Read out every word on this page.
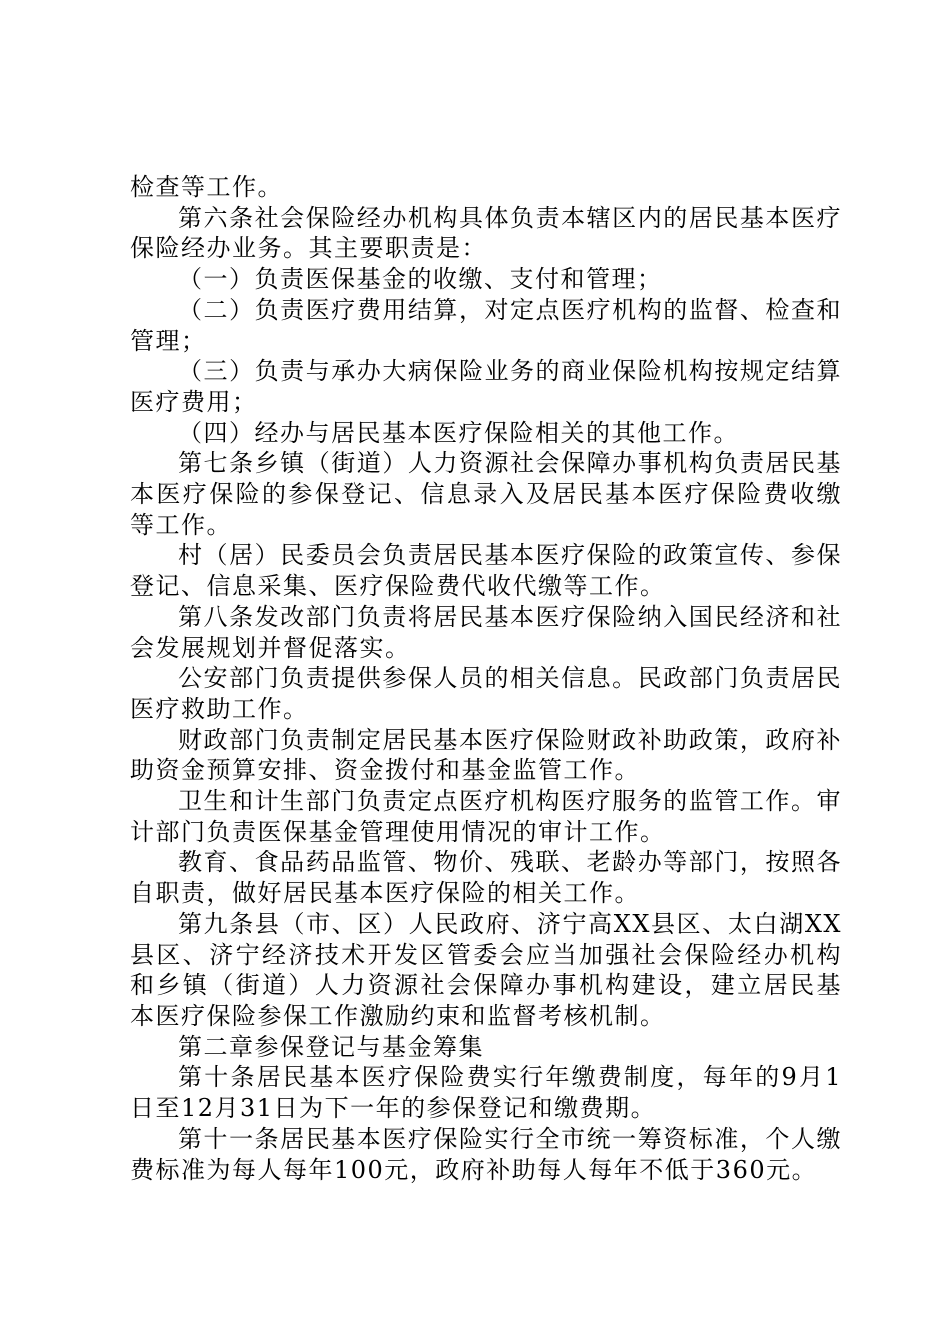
检查等工作。

第六条社会保险经办机构具体负责本辖区内的居民基本医疗保险经办业务。其主要职责是：

（一）负责医保基金的收缴、支付和管理；

（二）负责医疗费用结算，对定点医疗机构的监督、检查和管理；

（三）负责与承办大病保险业务的商业保险机构按规定结算医疗费用；

（四）经办与居民基本医疗保险相关的其他工作。

第七条乡镇（街道）人力资源社会保障办事机构负责居民基本医疗保险的参保登记、信息录入及居民基本医疗保险费收缴等工作。

村（居）民委员会负责居民基本医疗保险的政策宣传、参保登记、信息采集、医疗保险费代收代缴等工作。

第八条发改部门负责将居民基本医疗保险纳入国民经济和社会发展规划并督促落实。

公安部门负责提供参保人员的相关信息。民政部门负责居民医疗救助工作。

财政部门负责制定居民基本医疗保险财政补助政策，政府补助资金预算安排、资金拨付和基金监管工作。

卫生和计生部门负责定点医疗机构医疗服务的监管工作。审计部门负责医保基金管理使用情况的审计工作。

教育、食品药品监管、物价、残联、老龄办等部门，按照各自职责，做好居民基本医疗保险的相关工作。

第九条县（市、区）人民政府、济宁高XX县区、太白湖XX县区、济宁经济技术开发区管委会应当加强社会保险经办机构和乡镇（街道）人力资源社会保障办事机构建设，建立居民基本医疗保险参保工作激励约束和监督考核机制。

第二章参保登记与基金筹集

第十条居民基本医疗保险费实行年缴费制度，每年的9月1日至12月31日为下一年的参保登记和缴费期。

第十一条居民基本医疗保险实行全市统一筹资标准，个人缴费标准为每人每年100元，政府补助每人每年不低于360元。
